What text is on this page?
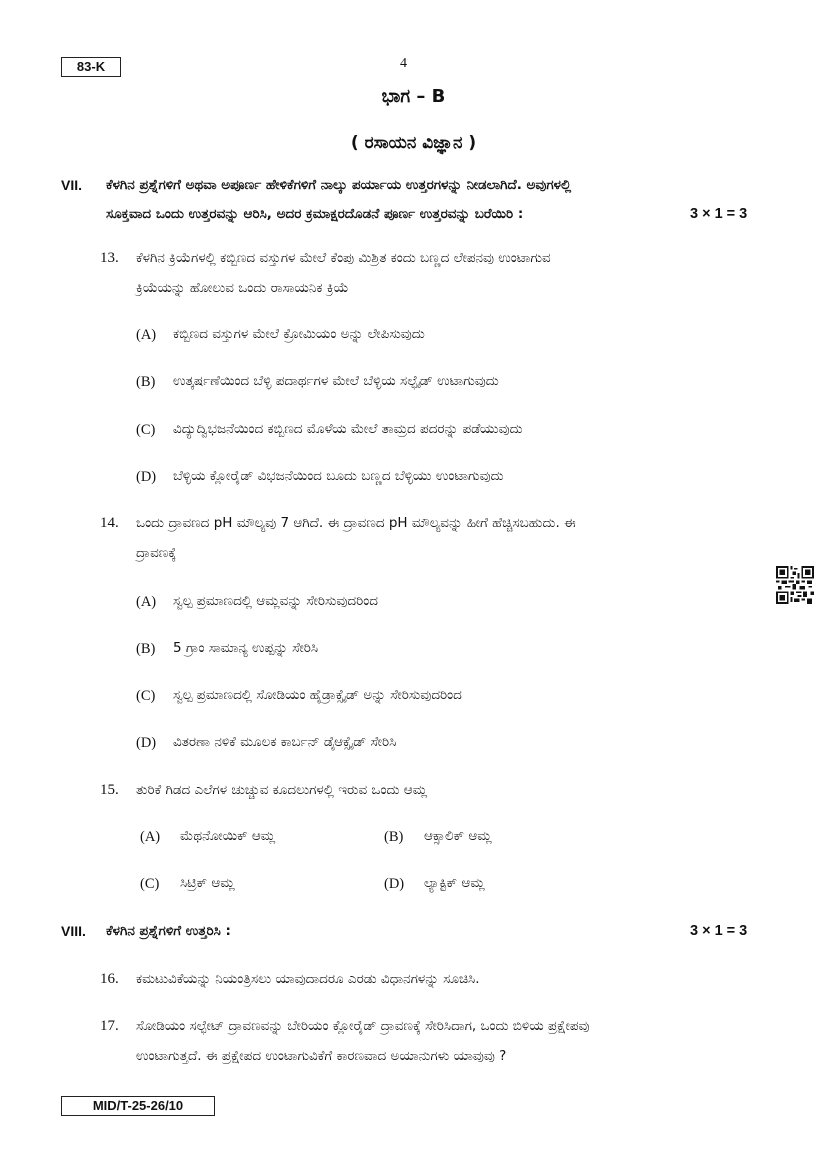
83-K	4
ಭಾಗ – B
( ರಸಾಯನ ವಿಜ್ಞಾನ )
VII. ಕೆಳಗಿನ ಪ್ರಶ್ನೆಗಳಿಗೆ ಅಥವಾ ಅಪೂರ್ಣ ಹೇಳಿಕೆಗಳಿಗೆ ನಾಲ್ಕು ಪರ್ಯಾಯ ಉತ್ತರಗಳನ್ನು ನೀಡಲಾಗಿದೆ. ಅವುಗಳಲ್ಲಿ
ಸೂಕ್ತವಾದ ಒಂದು ಉತ್ತರವನ್ನು ಆರಿಸಿ, ಅದರ ಕ್ರಮಾಕ್ಷರದೊಡನೆ ಪೂರ್ಣ ಉತ್ತರವನ್ನು ಬರೆಯಿರಿ :	3 × 1 = 3
13. ಕೆಳಗಿನ ಕ್ರಿಯೆಗಳಲ್ಲಿ ಕಬ್ಬಿಣದ ವಸ್ತುಗಳ ಮೇಲೆ ಕೆಂಪು ಮಿಶ್ರಿತ ಕಂದು ಬಣ್ಣದ ಲೇಪನವು ಉಂಟಾಗುವ
ಕ್ರಿಯೆಯನ್ನು ಹೋಲುವ ಒಂದು ರಾಸಾಯನಿಕ ಕ್ರಿಯೆ
(A) ಕಬ್ಬಿಣದ ವಸ್ತುಗಳ ಮೇಲೆ ಕ್ರೋಮಿಯಂ ಅನ್ನು ಲೇಪಿಸುವುದು
(B) ಉತ್ಕರ್ಷಣೆಯಿಂದ ಬೆಳ್ಳಿ ಪದಾರ್ಥಗಳ ಮೇಲೆ ಬೆಳ್ಳಿಯ ಸಲ್ಫೈಡ್ ಉಟಾಗುವುದು
(C) ವಿದ್ಯುದ್ವಿಭಜನೆಯಿಂದ ಕಬ್ಬಿಣದ ಮೊಳೆಯ ಮೇಲೆ ತಾಮ್ರದ ಪದರನ್ನು ಪಡೆಯುವುದು
(D) ಬೆಳ್ಳಿಯ ಕ್ಲೋರೈಡ್ ವಿಭಜನೆಯಿಂದ ಬೂದು ಬಣ್ಣದ ಬೆಳ್ಳಿಯು ಉಂಟಾಗುವುದು
14. ಒಂದು ದ್ರಾವಣದ pH ಮೌಲ್ಯವು 7 ಆಗಿದೆ. ಈ ದ್ರಾವಣದ pH ಮೌಲ್ಯವನ್ನು ಹೀಗೆ ಹೆಚ್ಚಿಸಬಹುದು. ಈ
ದ್ರಾವಣಕ್ಕೆ
(A) ಸ್ವಲ್ಪ ಪ್ರಮಾಣದಲ್ಲಿ ಆಮ್ಲವನ್ನು ಸೇರಿಸುವುದರಿಂದ
(B) 5 ಗ್ರಾಂ ಸಾಮಾನ್ಯ ಉಪ್ಪನ್ನು ಸೇರಿಸಿ
(C) ಸ್ವಲ್ಪ ಪ್ರಮಾಣದಲ್ಲಿ ಸೋಡಿಯಂ ಹೈಡ್ರಾಕ್ಸೈಡ್ ಅನ್ನು ಸೇರಿಸುವುದರಿಂದ
(D) ವಿತರಣಾ ನಳಿಕೆ ಮೂಲಕ ಕಾರ್ಬನ್ ಡೈಆಕ್ಸೈಡ್ ಸೇರಿಸಿ
15. ತುರಿಕೆ ಗಿಡದ ಎಲೆಗಳ ಚುಚ್ಚುವ ಕೂದಲುಗಳಲ್ಲಿ ಇರುವ ಒಂದು ಆಮ್ಲ
(A) ಮೆಥನೋಯಿಕ್ ಆಮ್ಲ	(B) ಆಕ್ಸಾಲಿಕ್ ಆಮ್ಲ
(C) ಸಿಟ್ರಿಕ್ ಆಮ್ಲ	(D) ಲ್ಯಾಕ್ಟಿಕ್ ಆಮ್ಲ
VIII. ಕೆಳಗಿನ ಪ್ರಶ್ನೆಗಳಿಗೆ ಉತ್ತರಿಸಿ :	3 × 1 = 3
16. ಕಮಟುವಿಕೆಯನ್ನು ನಿಯಂತ್ರಿಸಲು ಯಾವುದಾದರೂ ಎರಡು ವಿಧಾನಗಳನ್ನು ಸೂಚಿಸಿ.
17. ಸೋಡಿಯಂ ಸಲ್ಫೇಟ್ ದ್ರಾವಣವನ್ನು ಬೇರಿಯಂ ಕ್ಲೋರೈಡ್ ದ್ರಾವಣಕ್ಕೆ ಸೇರಿಸಿದಾಗ, ಒಂದು ಬಿಳಿಯ ಪ್ರಕ್ಷೇಪವು
ಉಂಟಾಗುತ್ತದೆ. ಈ ಪ್ರಕ್ಷೇಪದ ಉಂಟಾಗುವಿಕೆಗೆ ಕಾರಣವಾದ ಅಯಾನುಗಳು ಯಾವುವು ?
MID/T-25-26/10
